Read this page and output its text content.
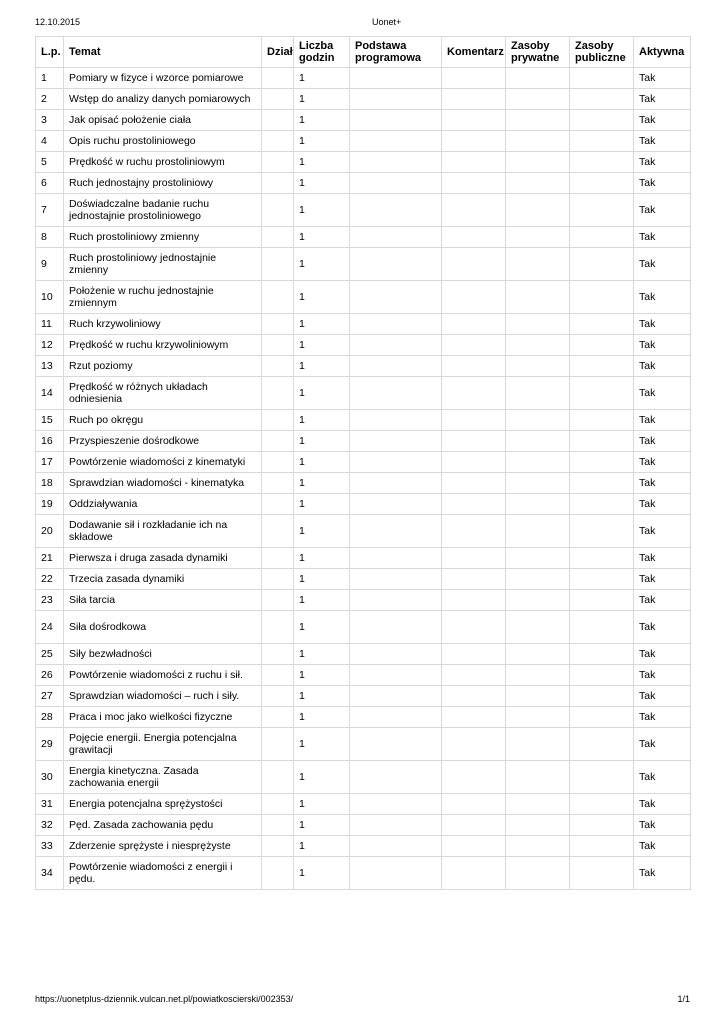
12.10.2015	Uonet+
L.p.	Temat	Dział	Liczba godzin	Podstawa programowa	Komentarz	Zasoby prywatne	Zasoby publiczne	Aktywna
1	Pomiary w fizyce i wzorce pomiarowe		1					Tak
2	Wstęp do analizy danych pomiarowych		1					Tak
3	Jak opisać położenie ciała		1					Tak
4	Opis ruchu prostoliniowego		1					Tak
5	Prędkość w ruchu prostoliniowym		1					Tak
6	Ruch jednostajny prostoliniowy		1					Tak
7	Doświadczalne badanie ruchu jednostajnie prostoliniowego		1					Tak
8	Ruch prostoliniowy zmienny		1					Tak
9	Ruch prostoliniowy jednostajnie zmienny		1					Tak
10	Położenie w ruchu jednostajnie zmiennym		1					Tak
11	Ruch krzywoliniowy		1					Tak
12	Prędkość w ruchu krzywoliniowym		1					Tak
13	Rzut poziomy		1					Tak
14	Prędkość w różnych układach odniesienia		1					Tak
15	Ruch po okręgu		1					Tak
16	Przyspieszenie dośrodkowe		1					Tak
17	Powtórzenie wiadomości z kinematyki		1					Tak
18	Sprawdzian wiadomości - kinematyka		1					Tak
19	Oddziaływania		1					Tak
20	Dodawanie sił i rozkładanie ich na składowe		1					Tak
21	Pierwsza i druga zasada dynamiki		1					Tak
22	Trzecia zasada dynamiki		1					Tak
23	Siła tarcia		1					Tak
24	Siła dośrodkowa		1					Tak
25	Siły bezwładności		1					Tak
26	Powtórzenie wiadomości z ruchu i sił.		1					Tak
27	Sprawdzian wiadomości – ruch i siły.		1					Tak
28	Praca i moc jako wielkości fizyczne		1					Tak
29	Pojęcie energii. Energia potencjalna grawitacji		1					Tak
30	Energia kinetyczna. Zasada zachowania energii		1					Tak
31	Energia potencjalna sprężystości		1					Tak
32	Pęd. Zasada zachowania pędu		1					Tak
33	Zderzenie sprężyste i niesprężyste		1					Tak
34	Powtórzenie wiadomości z energii i pędu.		1					Tak
https://uonetplus-dziennik.vulcan.net.pl/powiatkoscierski/002353/	1/1
